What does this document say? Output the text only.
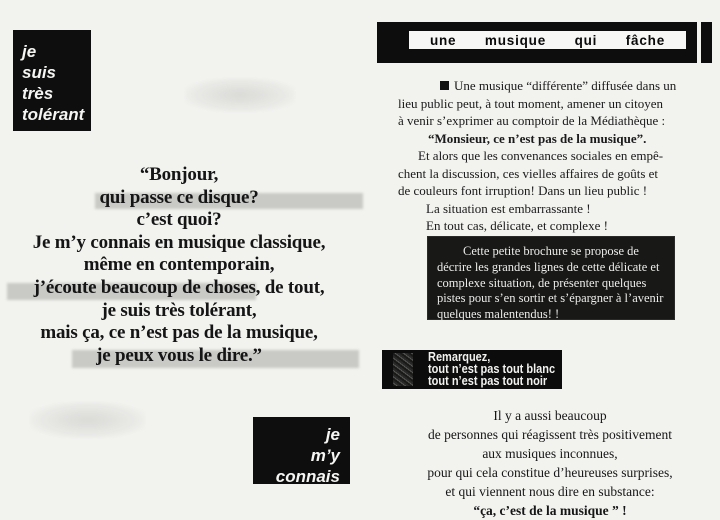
je
suis
très
tolérant
“Bonjour,
qui passe ce disque?
c’est quoi?
Je m’y connais en musique classique,
même en contemporain,
j’écoute beaucoup de choses, de tout,
je suis très tolérant,
mais ça, ce n’est pas de la musique,
je peux vous le dire.”
je
m’y
connais
une musique qui fâche
Une musique “différente” diffusée dans un
lieu public peut, à tout moment, amener un citoyen
à venir s’exprimer au comptoir de la Médiathèque :
“Monsieur, ce n’est pas de la musique”.
Et alors que les convenances sociales en empê-
chent la discussion, ces vielles affaires de goûts et
de couleurs font irruption! Dans un lieu public !
La situation est embarrassante !
En tout cas, délicate, et complexe !
Cette petite brochure se propose de
décrire les grandes lignes de cette délicate et
complexe situation, de présenter quelques
pistes pour s’en sortir et s’épargner à l’avenir
quelques malentendus! !
Remarquez,
tout n’est pas tout blanc
tout n’est pas tout noir
Il y a aussi beaucoup
de personnes qui réagissent très positivement
aux musiques inconnues,
pour qui cela constitue d’heureuses surprises,
et qui viennent nous dire en substance:
“ça, c’est de la musique ” !
